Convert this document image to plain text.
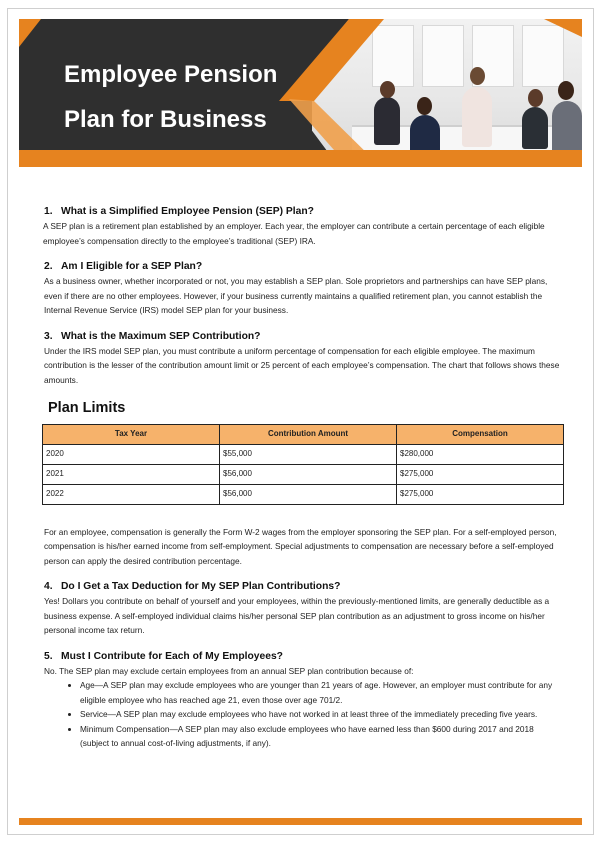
Employee Pension
Plan for Business

1. What is a Simplified Employee Pension (SEP) Plan?

A SEP plan is a retirement plan established by an employer. Each year, the employer can contribute a certain percentage of each eligible employee’s compensation directly to the employee’s traditional (SEP) IRA.

2. Am I Eligible for a SEP Plan?

As a business owner, whether incorporated or not, you may establish a SEP plan. Sole proprietors and partnerships can have SEP plans, even if there are no other employees. However, if your business currently maintains a qualified retirement plan, you cannot establish the Internal Revenue Service (IRS) model SEP plan for your business.

3. What is the Maximum SEP Contribution?

Under the IRS model SEP plan, you must contribute a uniform percentage of compensation for each eligible employee. The maximum contribution is the lesser of the contribution amount limit or 25 percent of each employee’s compensation. The chart that follows shows these amounts.

Plan Limits
Tax Year	Contribution Amount	Compensation
2020	$55,000	$280,000
2021	$56,000	$275,000
2022	$56,000	$275,000

For an employee, compensation is generally the Form W-2 wages from the employer sponsoring the SEP plan. For a self-employed person, compensation is his/her earned income from self-employment. Special adjustments to compensation are necessary before a self-employed person can apply the desired contribution percentage.

4. Do I Get a Tax Deduction for My SEP Plan Contributions?

Yes! Dollars you contribute on behalf of yourself and your employees, within the previously-mentioned limits, are generally deductible as a business expense. A self-employed individual claims his/her personal SEP plan contribution as an adjustment to gross income on his/her personal income tax return.

5. Must I Contribute for Each of My Employees?

No. The SEP plan may exclude certain employees from an annual SEP plan contribution because of:

• Age—A SEP plan may exclude employees who are younger than 21 years of age. However, an employer must contribute for any eligible employee who has reached age 21, even those over age 701/2.
• Service—A SEP plan may exclude employees who have not worked in at least three of the immediately preceding five years.
• Minimum Compensation—A SEP plan may also exclude employees who have earned less than $600 during 2017 and 2018 (subject to annual cost-of-living adjustments, if any).
